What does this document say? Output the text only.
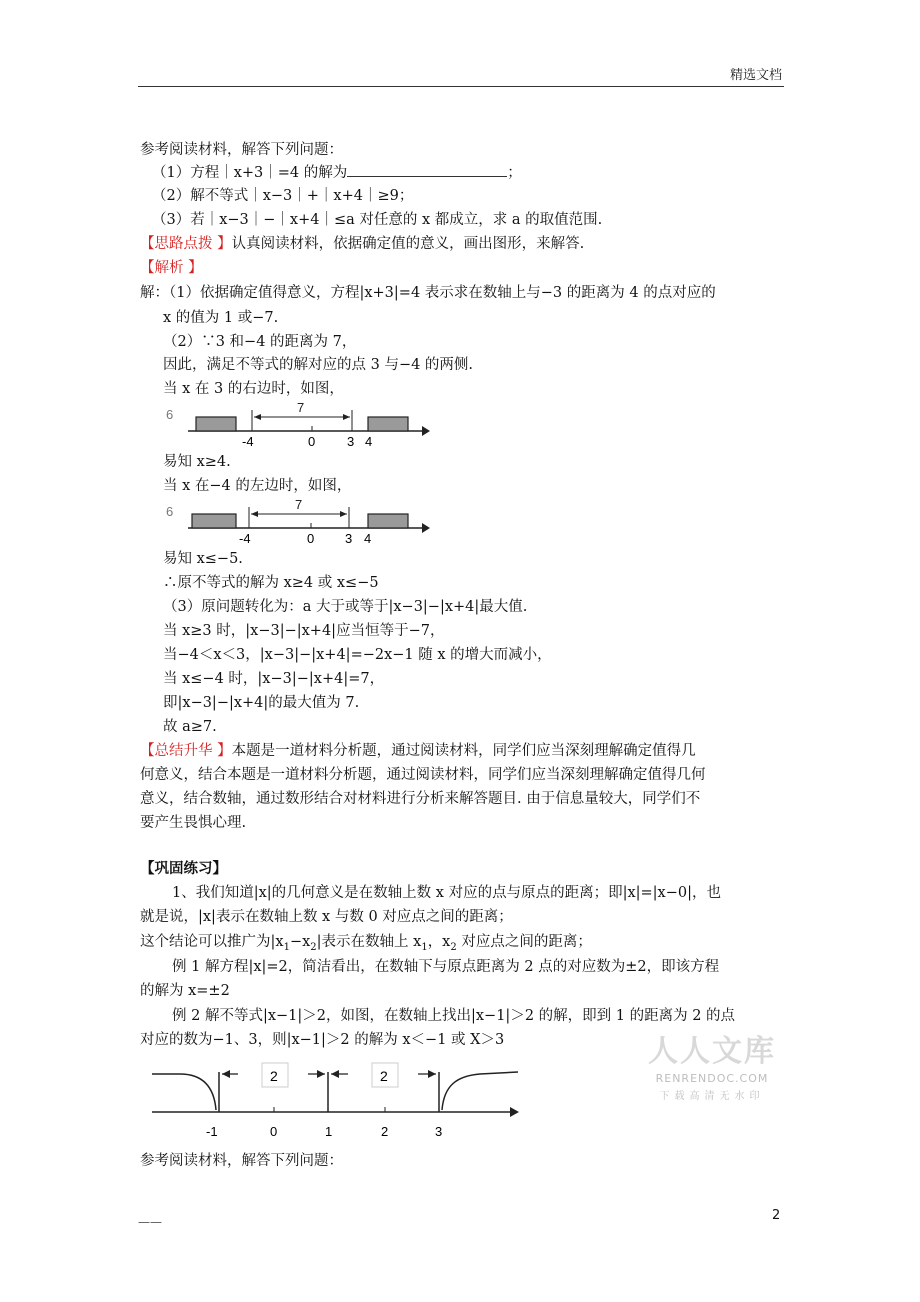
精选文档
参考阅读材料，解答下列问题：
（1）方程｜x+3｜=4 的解为	；
（2）解不等式｜x−3｜+｜x+4｜≥9；
（3）若｜x−3｜−｜x+4｜≤a 对任意的 x 都成立，求 a 的取值范围.
【思路点拨 】认真阅读材料，依据确定值的意义，画出图形，来解答.
【解析 】
解：（1）依据确定值得意义，方程|x+3|=4 表示求在数轴上与−3 的距离为 4 的点对应的
x 的值为 1 或−7.
（2）∵3 和−4 的距离为 7，
因此，满足不等式的解对应的点 3 与−4 的两侧.
当 x 在 3 的右边时，如图，
6	7
-4	0 3 4
易知 x≥4.
当 x 在−4 的左边时，如图，
6	7
-4	0 3 4
易知 x≤−5.
∴原不等式的解为 x≥4 或 x≤−5
（3）原问题转化为：a 大于或等于|x−3|−|x+4|最大值.
当 x≥3 时，|x−3|−|x+4|应当恒等于−7，
当−4＜x＜3，|x−3|−|x+4|=−2x−1 随 x 的增大而减小，
当 x≤−4 时，|x−3|−|x+4|=7，
即|x−3|−|x+4|的最大值为 7.
故 a≥7.
【总结升华 】本题是一道材料分析题，通过阅读材料，同学们应当深刻理解确定值得几
何意义，结合本题是一道材料分析题，通过阅读材料，同学们应当深刻理解确定值得几何
意义，结合数轴，通过数形结合对材料进行分析来解答题目. 由于信息量较大，同学们不
要产生畏惧心理.
【巩固练习】
1、我们知道|x|的几何意义是在数轴上数 x 对应的点与原点的距离；即|x|=|x−0|，也
就是说，|x|表示在数轴上数 x 与数 0 对应点之间的距离；
这个结论可以推广为$|x_1-x_2|$表示在数轴上 $x_1$，$x_2$ 对应点之间的距离；
例 1 解方程|x|=2，简洁看出，在数轴下与原点距离为 2 点的对应数为±2，即该方程
的解为 x=±2
例 2 解不等式|x−1|＞2，如图，在数轴上找出|x−1|＞2 的解，即到 1 的距离为 2 的点
对应的数为−1、3，则|x−1|＞2 的解为 x＜−1 或 X＞3	人人文库
RENRENDOC.COM
下载高清无水印
2	2
-1	0	1	2	3
参考阅读材料，解答下列问题：
——	2
